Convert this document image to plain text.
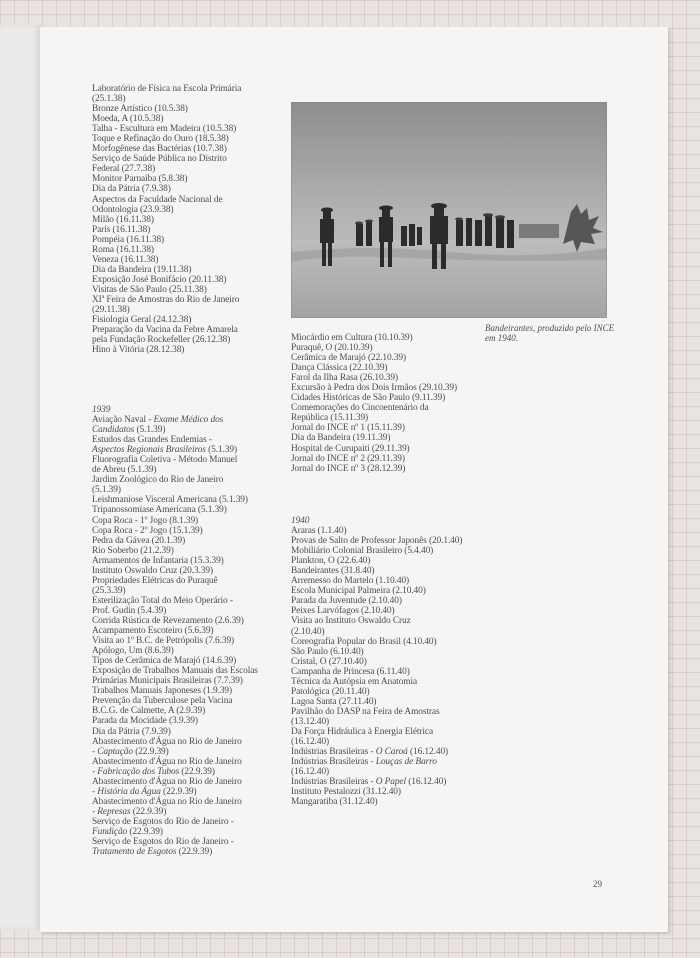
Laboratório de Física na Escola Primária
(25.1.38)
Bronze Artístico (10.5.38)
Moeda, A (10.5.38)
Talha - Escultura em Madeira (10.5.38)
Toque e Refinação do Ouro (18.5.38)
Morfogênese das Bactérias (10.7.38)
Serviço de Saúde Pública no Distrito
Federal (27.7.38)
Monitor Parnaíba (5.8.38)
Dia da Pátria (7.9.38)
Aspectos da Faculdade Nacional de
Odontologia (23.9.38)
Milão (16.11.38)
Paris (16.11.38)
Pompéia (16.11.38)
Roma (16.11.38)
Veneza (16.11.38)
Dia da Bandeira (19.11.38)
Exposição José Bonifácio (20.11.38)
Visitas de São Paulo (25.11.38)
XIª Feira de Amostras do Rio de Janeiro
(29.11.38)
Fisiologia Geral (24.12.38)
Preparação da Vacina da Febre Amarela
pela Fundação Rockefeller (26.12.38)
Hino à Vitória (28.12.38)
1939
Aviação Naval - Exame Médico dos
Candidatos (5.1.39)
Estudos das Grandes Endemias -
Aspectos Regionais Brasileiros (5.1.39)
Fluorografia Coletiva - Método Manuel
de Abreu (5.1.39)
Jardim Zoológico do Rio de Janeiro
(5.1.39)
Leishmaniose Visceral Americana (5.1.39)
Tripanossomíase Americana (5.1.39)
Copa Roca - 1º Jogo (8.1.39)
Copa Roca - 2º Jogo (15.1.39)
Pedra da Gávea (20.1.39)
Rio Soberbo (21.2.39)
Armamentos de Infantaria (15.3.39)
Instituto Oswaldo Cruz (20.3.39)
Propriedades Elétricas do Puraquê
(25.3.39)
Esterilização Total do Meio Operário -
Prof. Gudin (5.4.39)
Corrida Rústica de Revezamento (2.6.39)
Acampamento Escoteiro (5.6.39)
Visita ao 1º B.C. de Petrópolis (7.6.39)
Apólogo, Um (8.6.39)
Tipos de Cerâmica de Marajó (14.6.39)
Exposição de Trabalhos Manuais das Escolas
Primárias Municipais Brasileiras (7.7.39)
Trabalhos Manuais Japoneses (1.9.39)
Prevenção da Tuberculose pela Vacina
B.C.G. de Calmette, A (2.9.39)
Parada da Mocidade (3.9.39)
Dia da Pátria (7.9.39)
Abastecimento d'Água no Rio de Janeiro
- Captação (22.9.39)
Abastecimento d'Água no Rio de Janeiro
- Fabricação dos Tubos (22.9.39)
Abastecimento d'Água no Rio de Janeiro
- História da Água (22.9.39)
Abastecimento d'Água no Rio de Janeiro
- Represas (22.9.39)
Serviço de Esgotos do Rio de Janeiro -
Fundição (22.9.39)
Serviço de Esgotos do Rio de Janeiro -
Tratamento de Esgotos (22.9.39)
Bandeirantes, produzido pelo INCE em 1940.
Miocárdio em Cultura (10.10.39)
Puraquê, O (20.10.39)
Cerâmica de Marajó (22.10.39)
Dança Clássica (22.10.39)
Farol da Ilha Rasa (26.10.39)
Excursão à Pedra dos Dois Irmãos (29.10.39)
Cidades Históricas de São Paulo (9.11.39)
Comemorações do Cincoentenário da
República (15.11.39)
Jornal do INCE nº 1 (15.11.39)
Dia da Bandeira (19.11.39)
Hospital de Curupaiti (29.11.39)
Jornal do INCE nº 2 (29.11.39)
Jornal do INCE nº 3 (28.12.39)
1940
Araras (1.1.40)
Provas de Salto de Professor Japonês (20.1.40)
Mobiliário Colonial Brasileiro (5.4.40)
Plankton, O (22.6.40)
Bandeirantes (31.8.40)
Arremesso do Martelo (1.10.40)
Escola Municipal Palmeira (2.10.40)
Parada da Juventude (2.10.40)
Peixes Larvófagos (2.10.40)
Visita ao Instituto Oswaldo Cruz
(2.10.40)
Coreografia Popular do Brasil (4.10.40)
São Paulo (6.10.40)
Cristal, O (27.10.40)
Campanha de Princesa (6.11.40)
Técnica da Autópsia em Anatomia
Patológica (20.11.40)
Lagoa Santa (27.11.40)
Pavilhão do DASP na Feira de Amostras
(13.12.40)
Da Força Hidráulica à Energia Elétrica
(16.12.40)
Indústrias Brasileiras - O Caroá (16.12.40)
Indústrias Brasileiras - Louças de Barro
(16.12.40)
Indústrias Brasileiras - O Papel (16.12.40)
Instituto Pestalozzi (31.12.40)
Mangaratiba (31.12.40)
29
